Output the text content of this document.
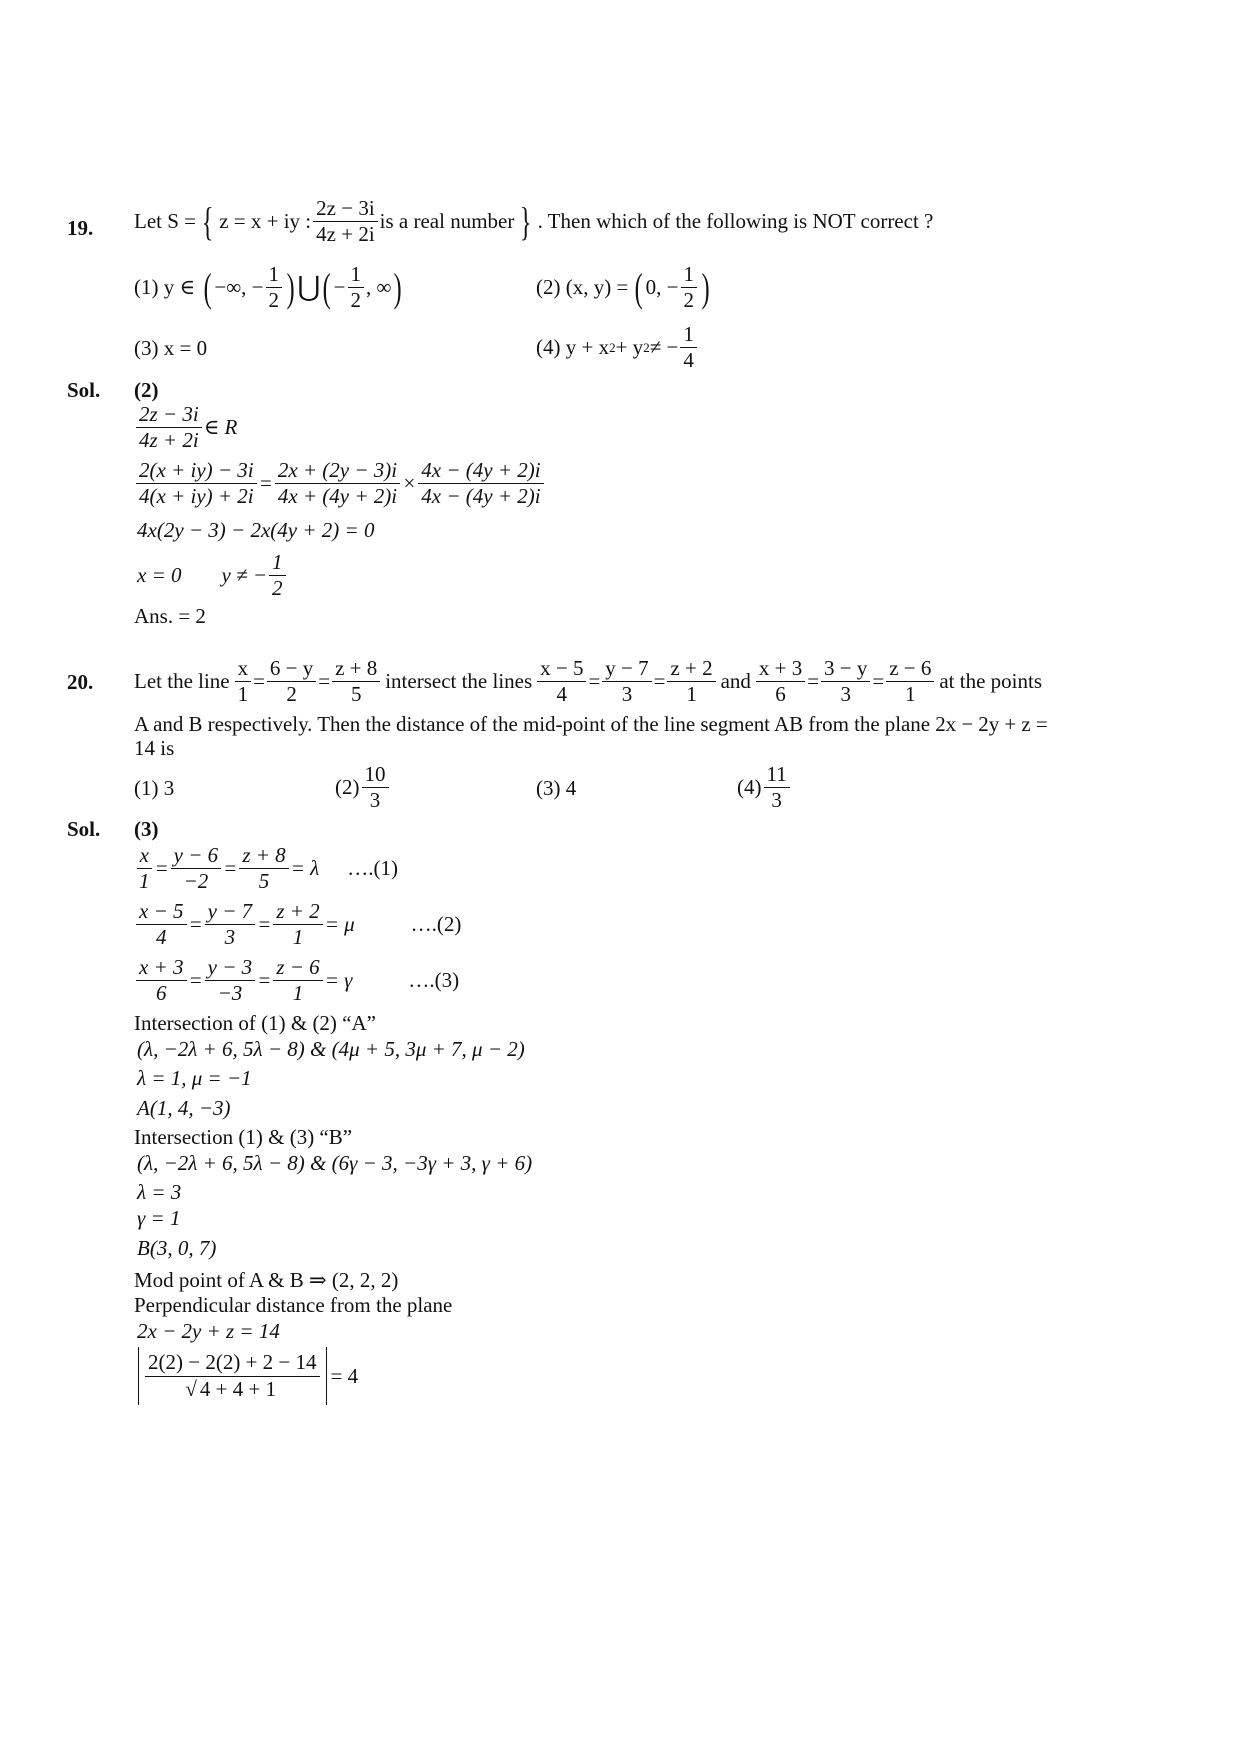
19. Let S = { z = x + iy : $\frac{2z - 3i}{4z + 2i}$ is a real number } . Then which of the following is NOT correct ?
(1) y ∈ ( −∞, − $\frac{1}{2}$ ) ⋃ ( − $\frac{1}{2}$ , ∞ )	(2) (x, y) = ( 0, − $\frac{1}{2}$ )
(3) x = 0	(4) y + x 2 + y 2 ≠ − $\frac{1}{4}$
Sol. (2)
$\frac{2z - 3i}{4z + 2i}$ ∈ R
$\frac{2(x + iy) - 3i}{4(x + iy) + 2i} = \frac{2x + (2y - 3)i}{4x + (4y + 2)i} \times \frac{4x - (4y + 2)i}{4x - (4y + 2)i}$
4x(2y − 3) − 2x(4y + 2) = 0
x = 0 y ≠ − $\frac{1}{2}$
Ans. = 2
20. Let the line $\frac{x}{1} = \frac{6 - y}{2} = \frac{z + 8}{5}$ intersect the lines $\frac{x - 5}{4} = \frac{y - 7}{3} = \frac{z + 2}{1}$ and $\frac{x + 3}{6} = \frac{3 - y}{3} = \frac{z - 6}{1}$ at the points
A and B respectively. Then the distance of the mid-point of the line segment AB from the plane 2x − 2y + z =
14 is
(1) 3	$(2) \frac{10}{3}$	(3) 4	$(4) \frac{11}{3}$
Sol. (3)
$\frac{x}{1} = \frac{y - 6}{-2} = \frac{z + 8}{5} = \lambda$ ….(1)
$\frac{x - 5}{4} = \frac{y - 7}{3} = \frac{z + 2}{1} = \mu$	….(2)
$\frac{x + 3}{6} = \frac{y - 3}{-3} = \frac{z - 6}{1} = \gamma$	….(3)
Intersection of (1) & (2) “A”
(λ, −2λ + 6, 5λ − 8) & (4μ + 5, 3μ + 7, μ − 2)
λ = 1, μ = −1
A(1, 4, −3)
Intersection (1) & (3) “B”
(λ, −2λ + 6, 5λ − 8) & (6γ − 3, −3γ + 3, γ + 6)
λ = 3
γ = 1
B(3, 0, 7)
Mod point of A & B ⇒ (2, 2, 2)
Perpendicular distance from the plane
2x − 2y + z = 14
$\frac{2(2) - 2(2) + 2 - 14}{√ 4 + 4 + 1} = 4$
